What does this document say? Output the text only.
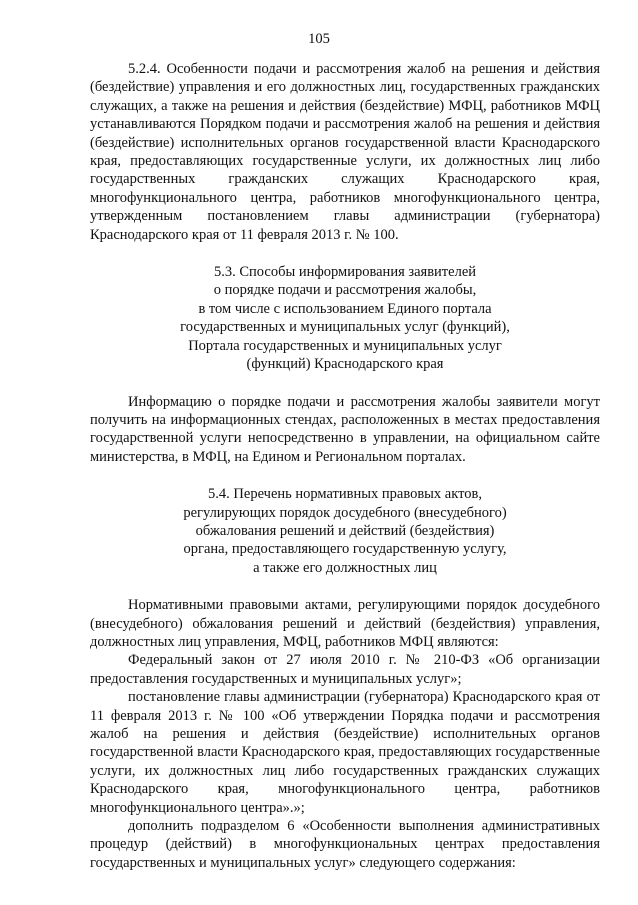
105

5.2.4. Особенности подачи и рассмотрения жалоб на решения и действия (бездействие) управления и его должностных лиц, государственных гражданских служащих, а также на решения и действия (бездействие) МФЦ, работников МФЦ устанавливаются Порядком подачи и рассмотрения жалоб на решения и действия (бездействие) исполнительных органов государственной власти Краснодарского края, предоставляющих государственные услуги, их должностных лиц либо государственных гражданских служащих Краснодарского края, многофункционального центра, работников многофункционального центра, утвержденным постановлением главы администрации (губернатора) Краснодарского края от 11 февраля 2013 г. № 100.

5.3. Способы информирования заявителей
о порядке подачи и рассмотрения жалобы,
в том числе с использованием Единого портала
государственных и муниципальных услуг (функций),
Портала государственных и муниципальных услуг
(функций) Краснодарского края

Информацию о порядке подачи и рассмотрения жалобы заявители могут получить на информационных стендах, расположенных в местах предоставления государственной услуги непосредственно в управлении, на официальном сайте министерства, в МФЦ, на Едином и Региональном порталах.

5.4. Перечень нормативных правовых актов,
регулирующих порядок досудебного (внесудебного)
обжалования решений и действий (бездействия)
органа, предоставляющего государственную услугу,
а также его должностных лиц

Нормативными правовыми актами, регулирующими порядок досудебного (внесудебного) обжалования решений и действий (бездействия) управления, должностных лиц управления, МФЦ, работников МФЦ являются:

Федеральный закон от 27 июля 2010 г. № 210-ФЗ «Об организации предоставления государственных и муниципальных услуг»;

постановление главы администрации (губернатора) Краснодарского края от 11 февраля 2013 г. № 100 «Об утверждении Порядка подачи и рассмотрения жалоб на решения и действия (бездействие) исполнительных органов государственной власти Краснодарского края, предоставляющих государственные услуги, их должностных лиц либо государственных гражданских служащих Краснодарского края, многофункционального центра, работников многофункционального центра».»;

дополнить подразделом 6 «Особенности выполнения административных процедур (действий) в многофункциональных центрах предоставления государственных и муниципальных услуг» следующего содержания:
